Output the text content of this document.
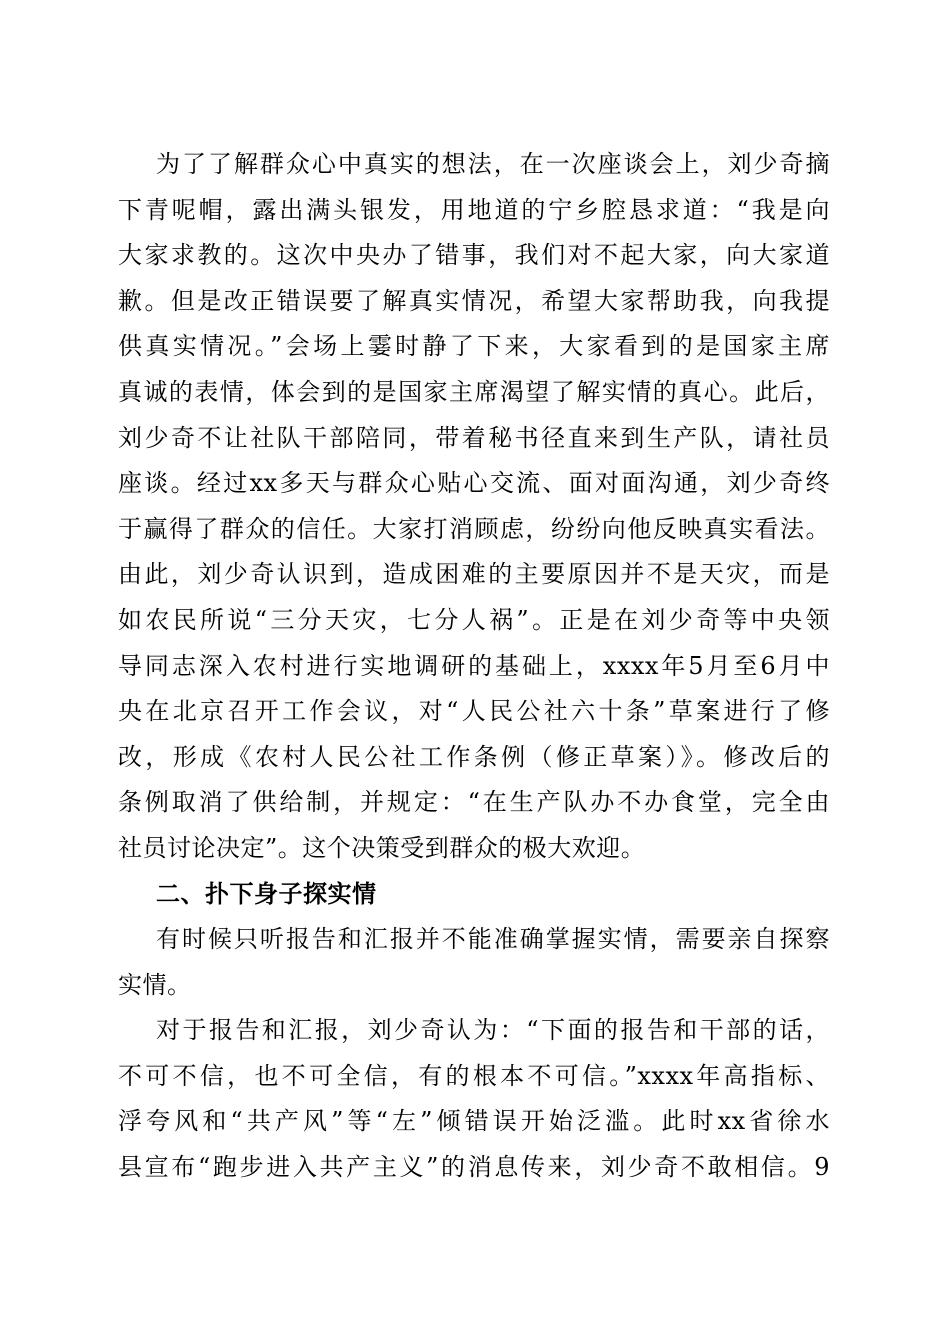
为了了解群众心中真实的想法，在一次座谈会上，刘少奇摘
下青呢帽，露出满头银发，用地道的宁乡腔恳求道：“我是向
大家求教的。这次中央办了错事，我们对不起大家，向大家道
歉。但是改正错误要了解真实情况，希望大家帮助我，向我提
供真实情况。”会场上霎时静了下来，大家看到的是国家主席
真诚的表情，体会到的是国家主席渴望了解实情的真心。此后，
刘少奇不让社队干部陪同，带着秘书径直来到生产队，请社员
座谈。经过xx多天与群众心贴心交流、面对面沟通，刘少奇终
于赢得了群众的信任。大家打消顾虑，纷纷向他反映真实看法。
由此，刘少奇认识到，造成困难的主要原因并不是天灾，而是
如农民所说“三分天灾，七分人祸”。正是在刘少奇等中央领
导同志深入农村进行实地调研的基础上，xxxx年5月至6月中
央在北京召开工作会议，对“人民公社六十条”草案进行了修
改，形成《农村人民公社工作条例（修正草案）》。修改后的
条例取消了供给制，并规定：“在生产队办不办食堂，完全由
社员讨论决定”。这个决策受到群众的极大欢迎。
二、扑下身子探实情
有时候只听报告和汇报并不能准确掌握实情，需要亲自探察
实情。
对于报告和汇报，刘少奇认为：“下面的报告和干部的话，
不可不信，也不可全信，有的根本不可信。”xxxx年高指标、
浮夸风和“共产风”等“左”倾错误开始泛滥。此时xx省徐水
县宣布“跑步进入共产主义”的消息传来，刘少奇不敢相信。9
